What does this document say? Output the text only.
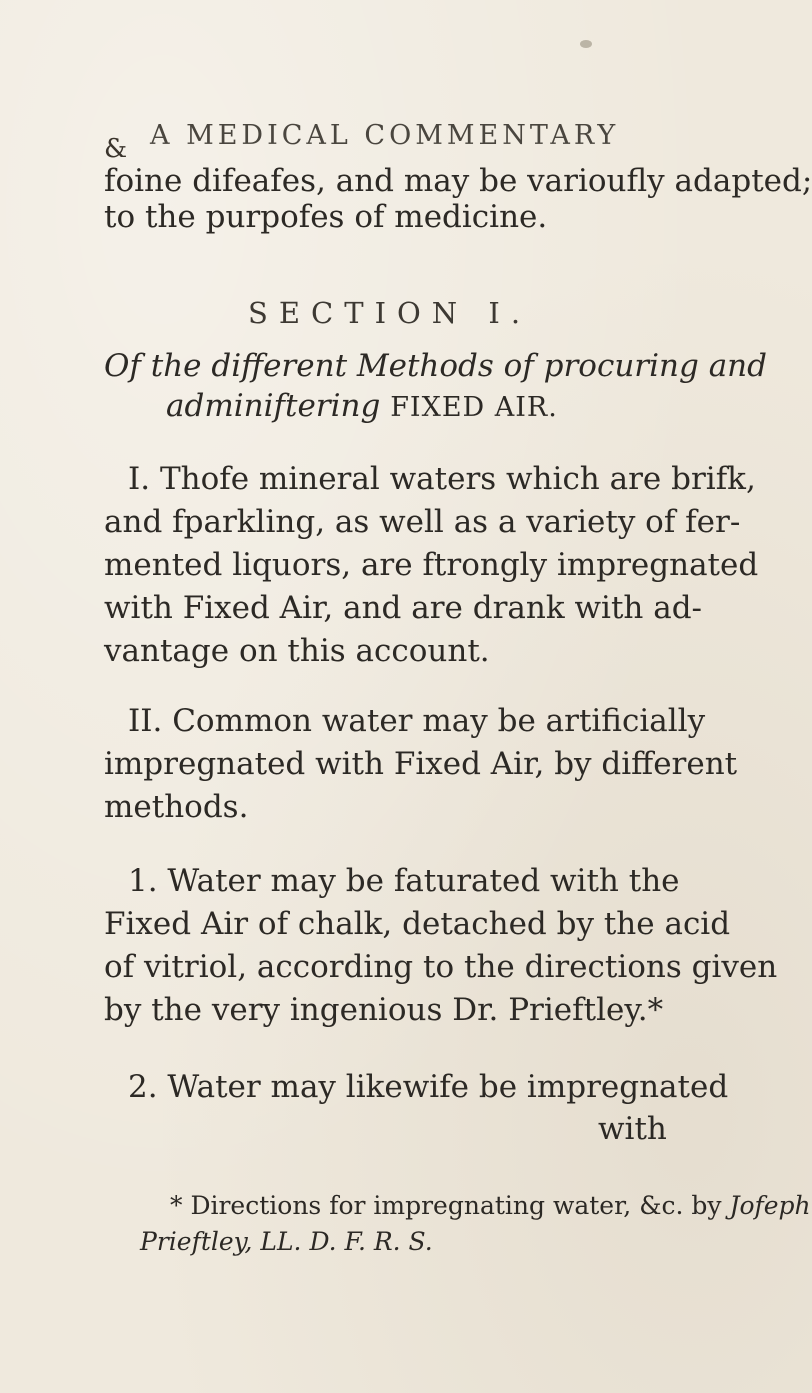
& A MEDICAL COMMENTARY
foine difeafes, and may be varioufly adapted;
to the purpofes of medicine.
SECTION I.
Of the different Methods of procuring and
adminiftering FIXED AIR.
I. Thofe mineral waters which are brifk,
and fparkling, as well as a variety of fer-
mented liquors, are ftrongly impregnated
with Fixed Air, and are drank with ad-
vantage on this account.
II. Common water may be artificially
impregnated with Fixed Air, by different
methods.
1. Water may be faturated with the
Fixed Air of chalk, detached by the acid
of vitriol, according to the directions given
by the very ingenious Dr. Prieftley.*
2. Water may likewife be impregnated
with
* Directions for impregnating water, &c. by Jofeph
Prieftley, LL. D. F. R. S.
